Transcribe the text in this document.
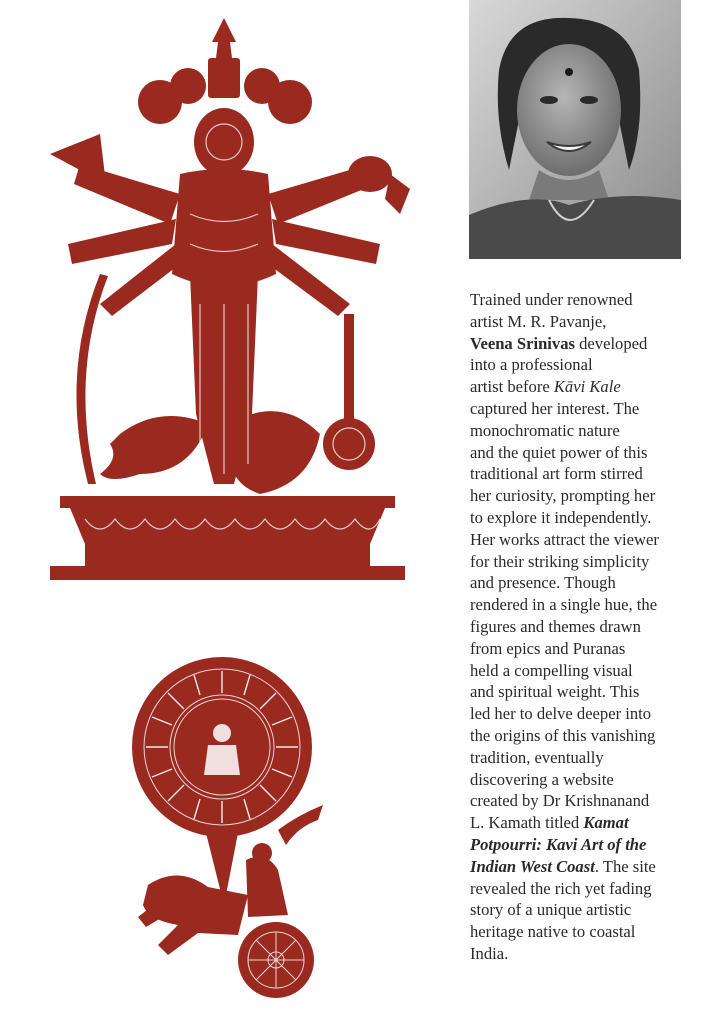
Trained under renowned
artist M. R. Pavanje,
Veena Srinivas developed
into a professional
artist before Kāvi Kale
captured her interest. The
monochromatic nature
and the quiet power of this
traditional art form stirred
her curiosity, prompting her
to explore it independently.
Her works attract the viewer
for their striking simplicity
and presence. Though
rendered in a single hue, the
figures and themes drawn
from epics and Puranas
held a compelling visual
and spiritual weight. This
led her to delve deeper into
the origins of this vanishing
tradition, eventually
discovering a website
created by Dr Krishnanand
L. Kamath titled Kamat
Potpourri: Kavi Art of the
Indian West Coast. The site
revealed the rich yet fading
story of a unique artistic
heritage native to coastal
India.
